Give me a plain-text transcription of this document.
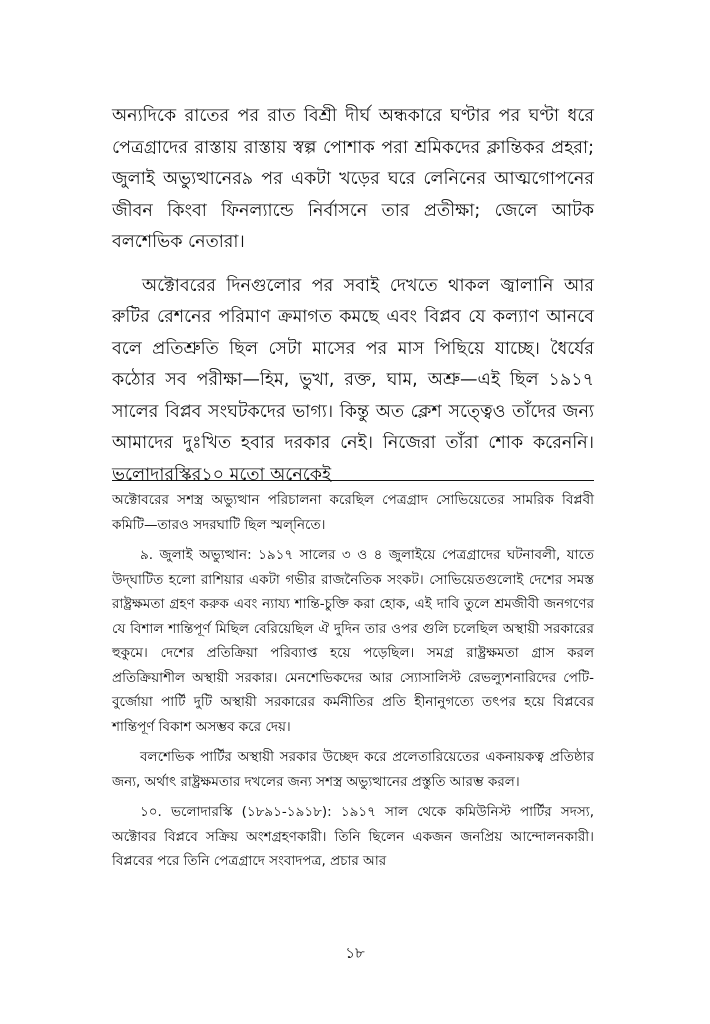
অন্যদিকে রাতের পর রাত বিশ্রী দীর্ঘ অন্ধকারে ঘণ্টার পর ঘণ্টা ধরে পেত্রগ্রাদের রাস্তায় রাস্তায় স্বল্প পোশাক পরা শ্রমিকদের ক্লান্তিকর প্রহরা; জুলাই অভ্যুত্থানের৯ পর একটা খড়ের ঘরে লেনিনের আত্মগোপনের জীবন কিংবা ফিনল্যান্ডে নির্বাসনে তার প্রতীক্ষা; জেলে আটক বলশেভিক নেতারা।

অক্টোবরের দিনগুলোর পর সবাই দেখতে থাকল জ্বালানি আর রুটির রেশনের পরিমাণ ক্রমাগত কমছে এবং বিপ্লব যে কল্যাণ আনবে বলে প্রতিশ্রুতি ছিল সেটা মাসের পর মাস পিছিয়ে যাচ্ছে। ধৈর্যের কঠোর সব পরীক্ষা—হিম, ভুখা, রক্ত, ঘাম, অশ্রু—এই ছিল ১৯১৭ সালের বিপ্লব সংঘটকদের ভাগ্য। কিন্তু অত ক্লেশ সত্ত্বেও তাঁদের জন্য আমাদের দুঃখিত হবার দরকার নেই। নিজেরা তাঁরা শোক করেননি। ভলোদারস্কির১০ মতো অনেকেই

অক্টোবরের সশস্ত্র অভ্যুত্থান পরিচালনা করেছিল পেত্রগ্রাদ সোভিয়েতের সামরিক বিপ্লবী কমিটি—তারও সদরঘাটি ছিল স্মল্‌নিতে।

৯. জুলাই অভ্যুত্থান: ১৯১৭ সালের ৩ ও ৪ জুলাইয়ে পেত্রগ্রাদের ঘটনাবলী, যাতে উদ্‌ঘাটিত হলো রাশিয়ার একটা গভীর রাজনৈতিক সংকট। সোভিয়েতগুলোই দেশের সমস্ত রাষ্ট্রক্ষমতা গ্রহণ করুক এবং ন্যায্য শান্তি-চুক্তি করা হোক, এই দাবি তুলে শ্রমজীবী জনগণের যে বিশাল শান্তিপূর্ণ মিছিল বেরিয়েছিল ঐ দুদিন তার ওপর গুলি চলেছিল অস্থায়ী সরকারের হুকুমে। দেশের প্রতিক্রিয়া পরিব্যাপ্ত হয়ে পড়েছিল। সমগ্র রাষ্ট্রক্ষমতা গ্রাস করল প্রতিক্রিয়াশীল অস্থায়ী সরকার। মেনশেভিকদের আর স্যোসালিস্ট রেভল্যুশনারিদের পেটি-বুর্জোয়া পার্টি দুটি অস্থায়ী সরকারের কর্মনীতির প্রতি হীনানুগত্যে তৎপর হয়ে বিপ্লবের শান্তিপূর্ণ বিকাশ অসম্ভব করে দেয়।

বলশেভিক পার্টির অস্থায়ী সরকার উচ্ছেদ করে প্রলেতারিয়েতের একনায়কত্ব প্রতিষ্ঠার জন্য, অর্থাৎ রাষ্ট্রক্ষমতার দখলের জন্য সশস্ত্র অভ্যুত্থানের প্রস্তুতি আরম্ভ করল।

১০. ভলোদারস্কি (১৮৯১-১৯১৮): ১৯১৭ সাল থেকে কমিউনিস্ট পার্টির সদস্য, অক্টোবর বিপ্লবে সক্রিয় অংশগ্রহণকারী। তিনি ছিলেন একজন জনপ্রিয় আন্দোলনকারী। বিপ্লবের পরে তিনি পেত্রগ্রাদে সংবাদপত্র, প্রচার আর

১৮
